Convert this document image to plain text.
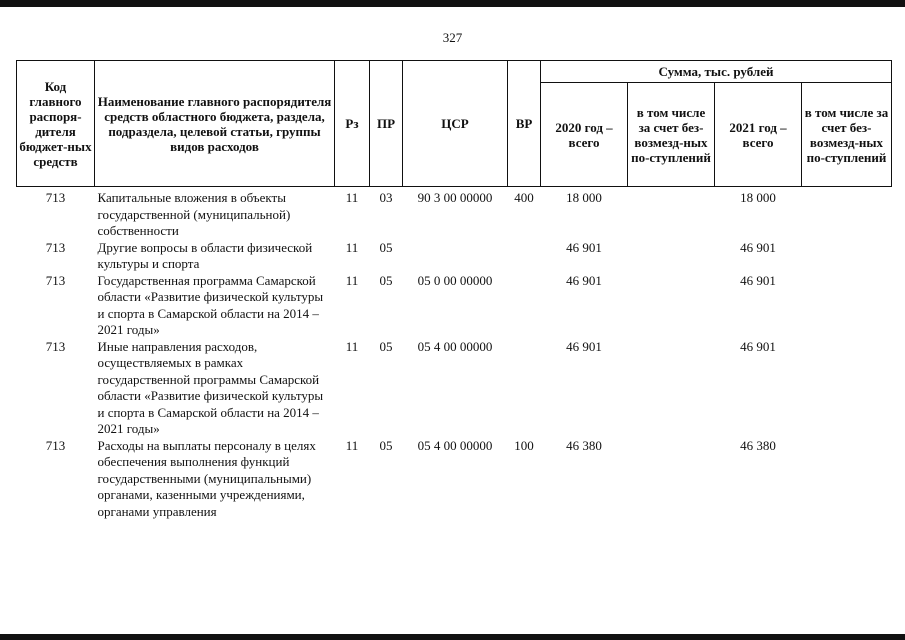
327
Код главного распоря-дителя бюджет-ных средств	Наименование главного распорядителя средств областного бюджета, раздела, подраздела, целевой статьи, группы видов расходов	Рз	ПР	ЦСР	ВР	Сумма, тыс. рублей			
						2020 год – всего	в том числе за счет без-возмезд-ных по-ступлений	2021 год – всего	в том числе за счет без-возмезд-ных по-ступлений
713	Капитальные вложения в объекты государственной (муниципальной) собственности	11	03	90 3 00 00000	400	18 000		18 000	
713	Другие вопросы в области физической культуры и спорта	11	05			46 901		46 901	
713	Государственная программа Самарской области «Развитие физической культуры и спорта в Самарской области на 2014 – 2021 годы»	11	05	05 0 00 00000		46 901		46 901	
713	Иные направления расходов, осуществляемых в рамках государственной программы Самарской области «Развитие физической культуры и спорта в Самарской области на 2014 – 2021 годы»	11	05	05 4 00 00000		46 901		46 901	
713	Расходы на выплаты персоналу в целях обеспечения выполнения функций государственными (муниципальными) органами, казенными учреждениями, органами управления	11	05	05 4 00 00000	100	46 380		46 380	
